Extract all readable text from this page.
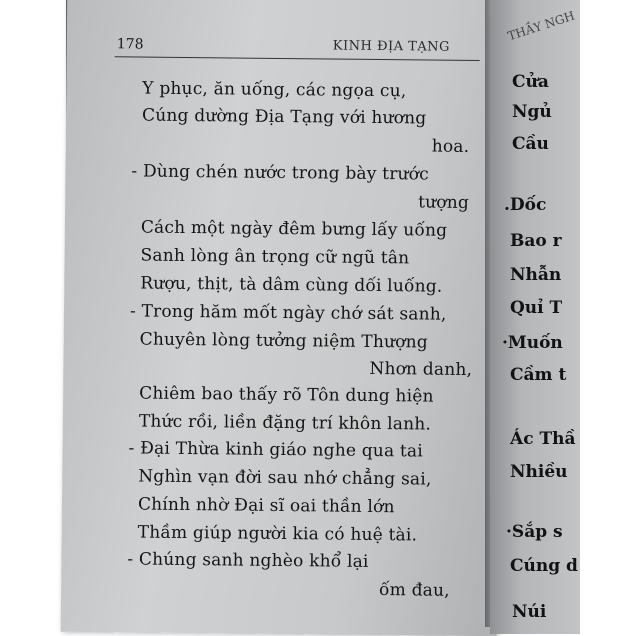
178	KINH ĐỊA TẠNG
Y phục, ăn uống, các ngọa cụ,
Cúng dường Địa Tạng với hương
hoa.
- Dùng chén nước trong bày trước
tượng
Cách một ngày đêm bưng lấy uống
Sanh lòng ân trọng cữ ngũ tân
Rượu, thịt, tà dâm cùng dối luống.
- Trong hăm mốt ngày chớ sát sanh,
Chuyên lòng tưởng niệm Thượng
Nhơn danh,
Chiêm bao thấy rõ Tôn dung hiện
Thức rồi, liền đặng trí khôn lanh.
- Đại Thừa kinh giáo nghe qua tai
Nghìn vạn đời sau nhớ chẳng sai,
Chính nhờ Đại sĩ oai thần lớn
Thầm giúp người kia có huệ tài.
- Chúng sanh nghèo khổ lại
ốm đau,
THẦY NGH
Cửa
Ngủ
Cầu
.Dốc
Bao r
Nhẫn
Quỉ T
·Muốn
Cầm t
Ác Thầ
Nhiều
·Sắp s
Cúng d
Núi
